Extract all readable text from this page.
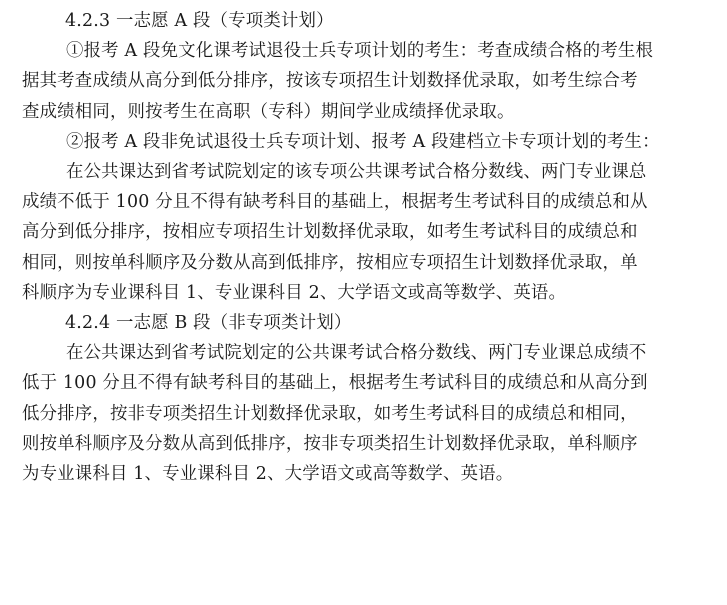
4.2.3 一志愿 A 段（专项类计划）
①报考 A 段免文化课考试退役士兵专项计划的考生：考查成绩合格的考生根
据其考查成绩从高分到低分排序，按该专项招生计划数择优录取，如考生综合考
查成绩相同，则按考生在高职（专科）期间学业成绩择优录取。
②报考 A 段非免试退役士兵专项计划、报考 A 段建档立卡专项计划的考生：
在公共课达到省考试院划定的该专项公共课考试合格分数线、两门专业课总
成绩不低于 100 分且不得有缺考科目的基础上，根据考生考试科目的成绩总和从
高分到低分排序，按相应专项招生计划数择优录取，如考生考试科目的成绩总和
相同，则按单科顺序及分数从高到低排序，按相应专项招生计划数择优录取，单
科顺序为专业课科目 1、专业课科目 2、大学语文或高等数学、英语。
4.2.4 一志愿 B 段（非专项类计划）
在公共课达到省考试院划定的公共课考试合格分数线、两门专业课总成绩不
低于 100 分且不得有缺考科目的基础上，根据考生考试科目的成绩总和从高分到
低分排序，按非专项类招生计划数择优录取，如考生考试科目的成绩总和相同，
则按单科顺序及分数从高到低排序，按非专项类招生计划数择优录取，单科顺序
为专业课科目 1、专业课科目 2、大学语文或高等数学、英语。
